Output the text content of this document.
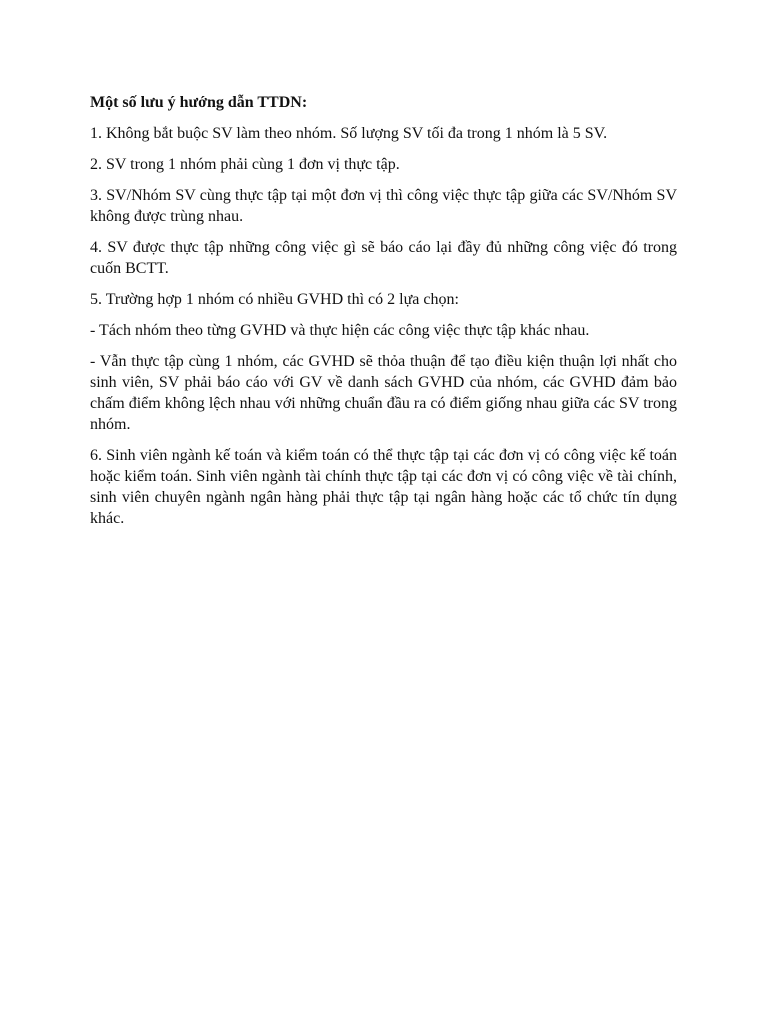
Một số lưu ý hướng dẫn TTDN:

1. Không bắt buộc SV làm theo nhóm. Số lượng SV tối đa trong 1 nhóm là 5 SV.

2. SV trong 1 nhóm phải cùng 1 đơn vị thực tập.

3. SV/Nhóm SV cùng thực tập tại một đơn vị thì công việc thực tập giữa các SV/Nhóm SV không được trùng nhau.

4. SV được thực tập những công việc gì sẽ báo cáo lại đầy đủ những công việc đó trong cuốn BCTT.

5. Trường hợp 1 nhóm có nhiều GVHD thì có 2 lựa chọn:

- Tách nhóm theo từng GVHD và thực hiện các công việc thực tập khác nhau.

- Vẫn thực tập cùng 1 nhóm, các GVHD sẽ thỏa thuận để tạo điều kiện thuận lợi nhất cho sinh viên, SV phải báo cáo với GV về danh sách GVHD của nhóm, các GVHD đảm bảo chấm điểm không lệch nhau với những chuẩn đầu ra có điểm giống nhau giữa các SV trong nhóm.

6. Sinh viên ngành kế toán và kiểm toán có thể thực tập tại các đơn vị có công việc kế toán hoặc kiểm toán. Sinh viên ngành tài chính thực tập tại các đơn vị có công việc về tài chính, sinh viên chuyên ngành ngân hàng phải thực tập tại ngân hàng hoặc các tổ chức tín dụng khác.
